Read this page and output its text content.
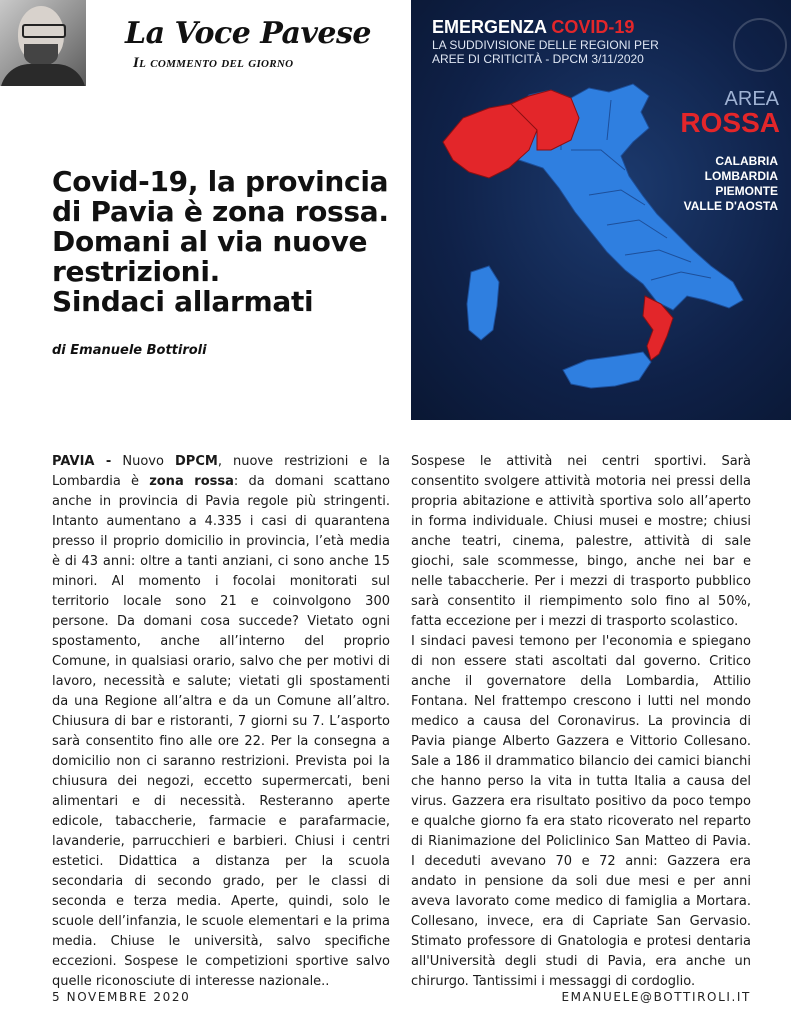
La Voce Pavese
Il commento del giorno
Covid-19, la provincia
di Pavia è zona rossa.
Domani al via nuove
restrizioni.
Sindaci allarmati
di Emanuele Bottiroli
EMERGENZA COVID-19
LA SUDDIVISIONE DELLE REGIONI PER AREE DI CRITICITÀ - DPCM 3/11/2020
AREA
ROSSA
CALABRIA
LOMBARDIA
PIEMONTE
VALLE D'AOSTA

PAVIA - Nuovo DPCM, nuove restrizioni e la Lombardia è zona rossa: da domani scattano anche in provincia di Pavia regole più stringenti. Intanto aumentano a 4.335 i casi di quarantena presso il proprio domicilio in provincia, l’età media è di 43 anni: oltre a tanti anziani, ci sono anche 15 minori. Al momento i focolai monitorati sul territorio locale sono 21 e coinvolgono 300 persone. Da domani cosa succede? Vietato ogni spostamento, anche all’interno del proprio Comune, in qualsiasi orario, salvo che per motivi di lavoro, necessità e salute; vietati gli spostamenti da una Regione all’altra e da un Comune all’altro. Chiusura di bar e ristoranti, 7 giorni su 7. L’asporto sarà consentito fino alle ore 22. Per la consegna a domicilio non ci saranno restrizioni. Prevista poi la chiusura dei negozi, eccetto supermercati, beni alimentari e di necessità. Resteranno aperte edicole, tabaccherie, farmacie e parafarmacie, lavanderie, parrucchieri e barbieri. Chiusi i centri estetici. Didattica a distanza per la scuola secondaria di secondo grado, per le classi di seconda e terza media. Aperte, quindi, solo le scuole dell’infanzia, le scuole elementari e la prima media. Chiuse le università, salvo specifiche eccezioni. Sospese le competizioni sportive salvo quelle riconosciute di interesse nazionale..

Sospese le attività nei centri sportivi. Sarà consentito svolgere attività motoria nei pressi della propria abitazione e attività sportiva solo all’aperto in forma individuale. Chiusi musei e mostre; chiusi anche teatri, cinema, palestre, attività di sale giochi, sale scommesse, bingo, anche nei bar e nelle tabaccherie. Per i mezzi di trasporto pubblico sarà consentito il riempimento solo fino al 50%, fatta eccezione per i mezzi di trasporto scolastico.

I sindaci pavesi temono per l'economia e spiegano di non essere stati ascoltati dal governo. Critico anche il governatore della Lombardia, Attilio Fontana. Nel frattempo crescono i lutti nel mondo medico a causa del Coronavirus. La provincia di Pavia piange Alberto Gazzera e Vittorio Collesano. Sale a 186 il drammatico bilancio dei camici bianchi che hanno perso la vita in tutta Italia a causa del virus. Gazzera era risultato positivo da poco tempo e qualche giorno fa era stato ricoverato nel reparto di Rianimazione del Policlinico San Matteo di Pavia. I deceduti avevano 70 e 72 anni: Gazzera era andato in pensione da soli due mesi e per anni aveva lavorato come medico di famiglia a Mortara. Collesano, invece, era di Capriate San Gervasio. Stimato professore di Gnatologia e protesi dentaria all'Università degli studi di Pavia, era anche un chirurgo. Tantissimi i messaggi di cordoglio.

5 NOVEMBRE 2020	EMANUELE@BOTTIROLI.IT
